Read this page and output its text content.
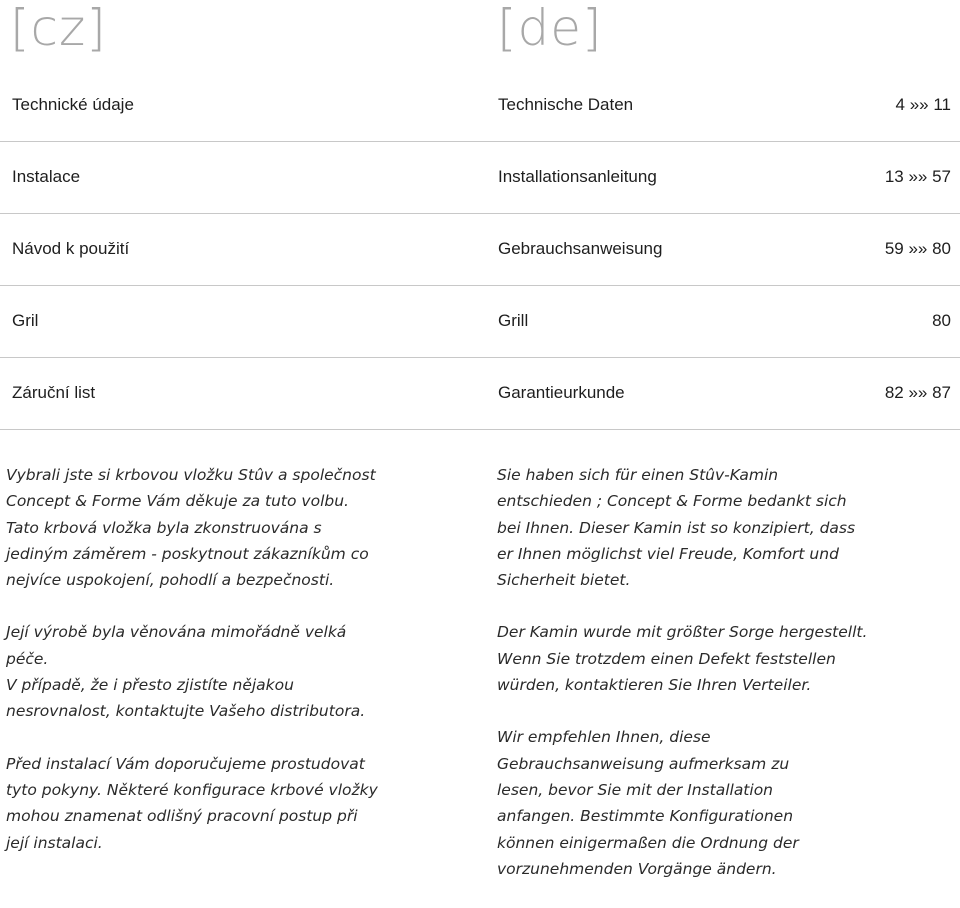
[cz]	[de]
Technické údaje	Technische Daten	4 »» 11
Instalace	Installationsanleitung	13 »» 57
Návod k použití	Gebrauchsanweisung	59 »» 80
Gril	Grill	80
Záruční list	Garantieurkunde	82 »» 87

Vybrali jste si krbovou vložku Stûv a společnost
Concept & Forme Vám děkuje za tuto volbu.
Tato krbová vložka byla zkonstruována s
jediným záměrem - poskytnout zákazníkům co
nejvíce uspokojení, pohodlí a bezpečnosti.

Její výrobě byla věnována mimořádně velká
péče.
V případě, že i přesto zjistíte nějakou
nesrovnalost, kontaktujte Vašeho distributora.

Před instalací Vám doporučujeme prostudovat
tyto pokyny. Některé konfigurace krbové vložky
mohou znamenat odlišný pracovní postup při
její instalaci.

Sie haben sich für einen Stûv-Kamin
entschieden ; Concept & Forme bedankt sich
bei Ihnen. Dieser Kamin ist so konzipiert, dass
er Ihnen möglichst viel Freude, Komfort und
Sicherheit bietet.

Der Kamin wurde mit größter Sorge hergestellt.
Wenn Sie trotzdem einen Defekt feststellen
würden, kontaktieren Sie Ihren Verteiler.

Wir empfehlen Ihnen, diese
Gebrauchsanweisung aufmerksam zu
lesen, bevor Sie mit der Installation
anfangen. Bestimmte Konfigurationen
können einigermaßen die Ordnung der
vorzunehmenden Vorgänge ändern.
